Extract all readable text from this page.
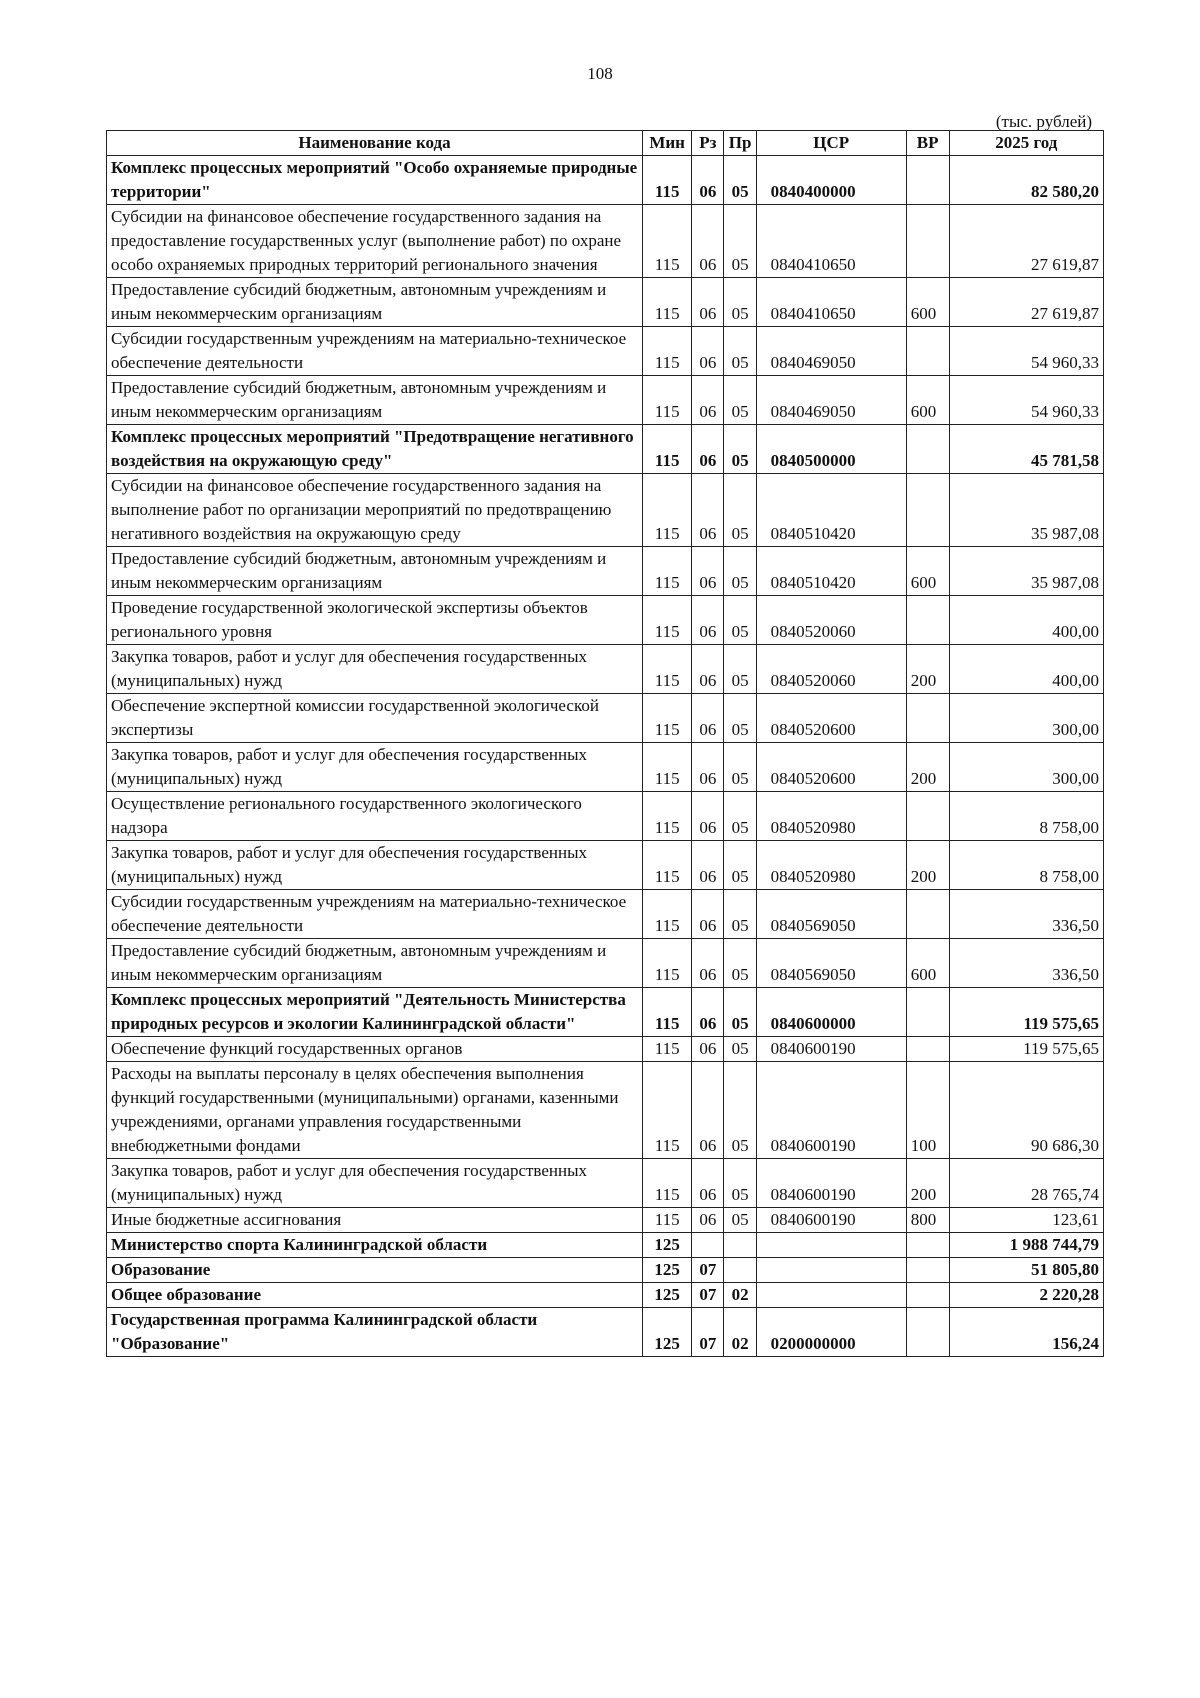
108
(тыс. рублей)
Наименование кода	Мин	Рз	Пр	ЦСР	ВР	2025 год
Комплекс процессных мероприятий "Особо охраняемые природные территории"	115	06	05	0840400000		82 580,20
Субсидии на финансовое обеспечение государственного задания на предоставление государственных услуг (выполнение работ) по охране особо охраняемых природных территорий регионального значения	115	06	05	0840410650		27 619,87
Предоставление субсидий бюджетным, автономным учреждениям и иным некоммерческим организациям	115	06	05	0840410650	600	27 619,87
Субсидии государственным учреждениям на материально-техническое обеспечение деятельности	115	06	05	0840469050		54 960,33
Предоставление субсидий бюджетным, автономным учреждениям и иным некоммерческим организациям	115	06	05	0840469050	600	54 960,33
Комплекс процессных мероприятий "Предотвращение негативного воздействия на окружающую среду"	115	06	05	0840500000		45 781,58
Субсидии на финансовое обеспечение государственного задания на выполнение работ по организации мероприятий по предотвращению негативного воздействия на окружающую среду	115	06	05	0840510420		35 987,08
Предоставление субсидий бюджетным, автономным учреждениям и иным некоммерческим организациям	115	06	05	0840510420	600	35 987,08
Проведение государственной экологической экспертизы объектов регионального уровня	115	06	05	0840520060		400,00
Закупка товаров, работ и услуг для обеспечения государственных (муниципальных) нужд	115	06	05	0840520060	200	400,00
Обеспечение экспертной комиссии государственной экологической экспертизы	115	06	05	0840520600		300,00
Закупка товаров, работ и услуг для обеспечения государственных (муниципальных) нужд	115	06	05	0840520600	200	300,00
Осуществление регионального государственного экологического надзора	115	06	05	0840520980		8 758,00
Закупка товаров, работ и услуг для обеспечения государственных (муниципальных) нужд	115	06	05	0840520980	200	8 758,00
Субсидии государственным учреждениям на материально-техническое обеспечение деятельности	115	06	05	0840569050		336,50
Предоставление субсидий бюджетным, автономным учреждениям и иным некоммерческим организациям	115	06	05	0840569050	600	336,50
Комплекс процессных мероприятий "Деятельность Министерства природных ресурсов и экологии Калининградской области"	115	06	05	0840600000		119 575,65
Обеспечение функций государственных органов	115	06	05	0840600190		119 575,65
Расходы на выплаты персоналу в целях обеспечения выполнения функций государственными (муниципальными) органами, казенными учреждениями, органами управления государственными внебюджетными фондами	115	06	05	0840600190	100	90 686,30
Закупка товаров, работ и услуг для обеспечения государственных (муниципальных) нужд	115	06	05	0840600190	200	28 765,74
Иные бюджетные ассигнования	115	06	05	0840600190	800	123,61
Министерство спорта Калининградской области	125					1 988 744,79
Образование	125	07				51 805,80
Общее образование	125	07	02			2 220,28
Государственная программа Калининградской области "Образование"	125	07	02	0200000000		156,24
